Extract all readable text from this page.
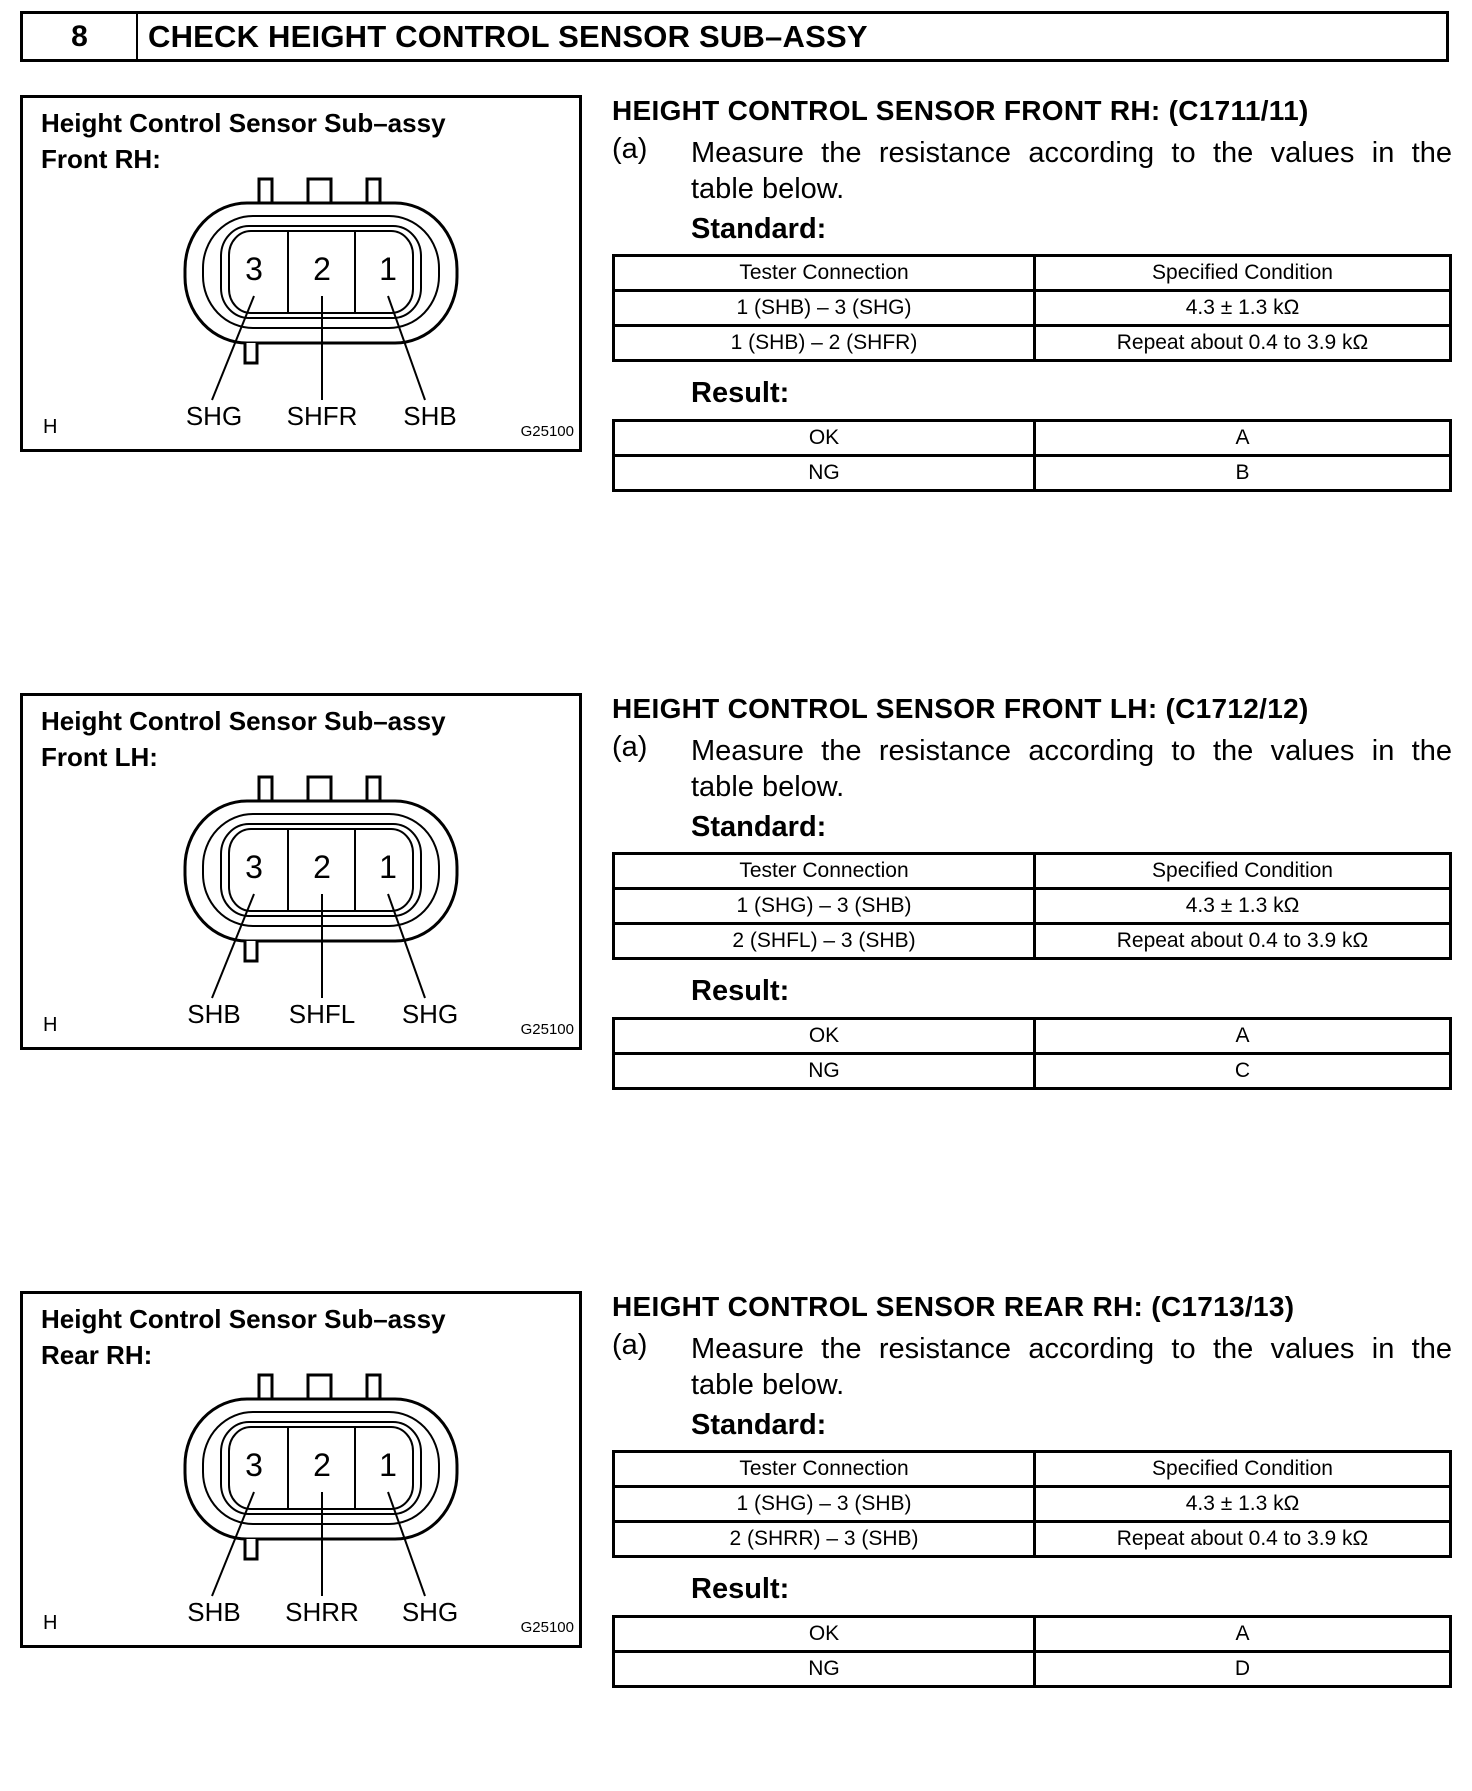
8	CHECK HEIGHT CONTROL SENSOR SUB–ASSY
Height Control Sensor Sub–assy
Front RH:
3 2 1
SHG SHFR SHB
H	G25100
HEIGHT CONTROL SENSOR FRONT RH: (C1711/11)
(a) Measure the resistance according to the values in the
table below.
Standard:
Tester Connection	Specified Condition
1 (SHB) – 3 (SHG)	4.3 ± 1.3 kΩ
1 (SHB) – 2 (SHFR)	Repeat about 0.4 to 3.9 kΩ
Result:
OK	A
NG	B
Height Control Sensor Sub–assy
Front LH:
3 2 1
SHB SHFL SHG
H	G25100
HEIGHT CONTROL SENSOR FRONT LH: (C1712/12)
(a) Measure the resistance according to the values in the
table below.
Standard:
Tester Connection	Specified Condition
1 (SHG) – 3 (SHB)	4.3 ± 1.3 kΩ
2 (SHFL) – 3 (SHB)	Repeat about 0.4 to 3.9 kΩ
Result:
OK	A
NG	C
Height Control Sensor Sub–assy
Rear RH:
3 2 1
SHB SHRR SHG
H	G25100
HEIGHT CONTROL SENSOR REAR RH: (C1713/13)
(a) Measure the resistance according to the values in the
table below.
Standard:
Tester Connection	Specified Condition
1 (SHG) – 3 (SHB)	4.3 ± 1.3 kΩ
2 (SHRR) – 3 (SHB)	Repeat about 0.4 to 3.9 kΩ
Result:
OK	A
NG	D
